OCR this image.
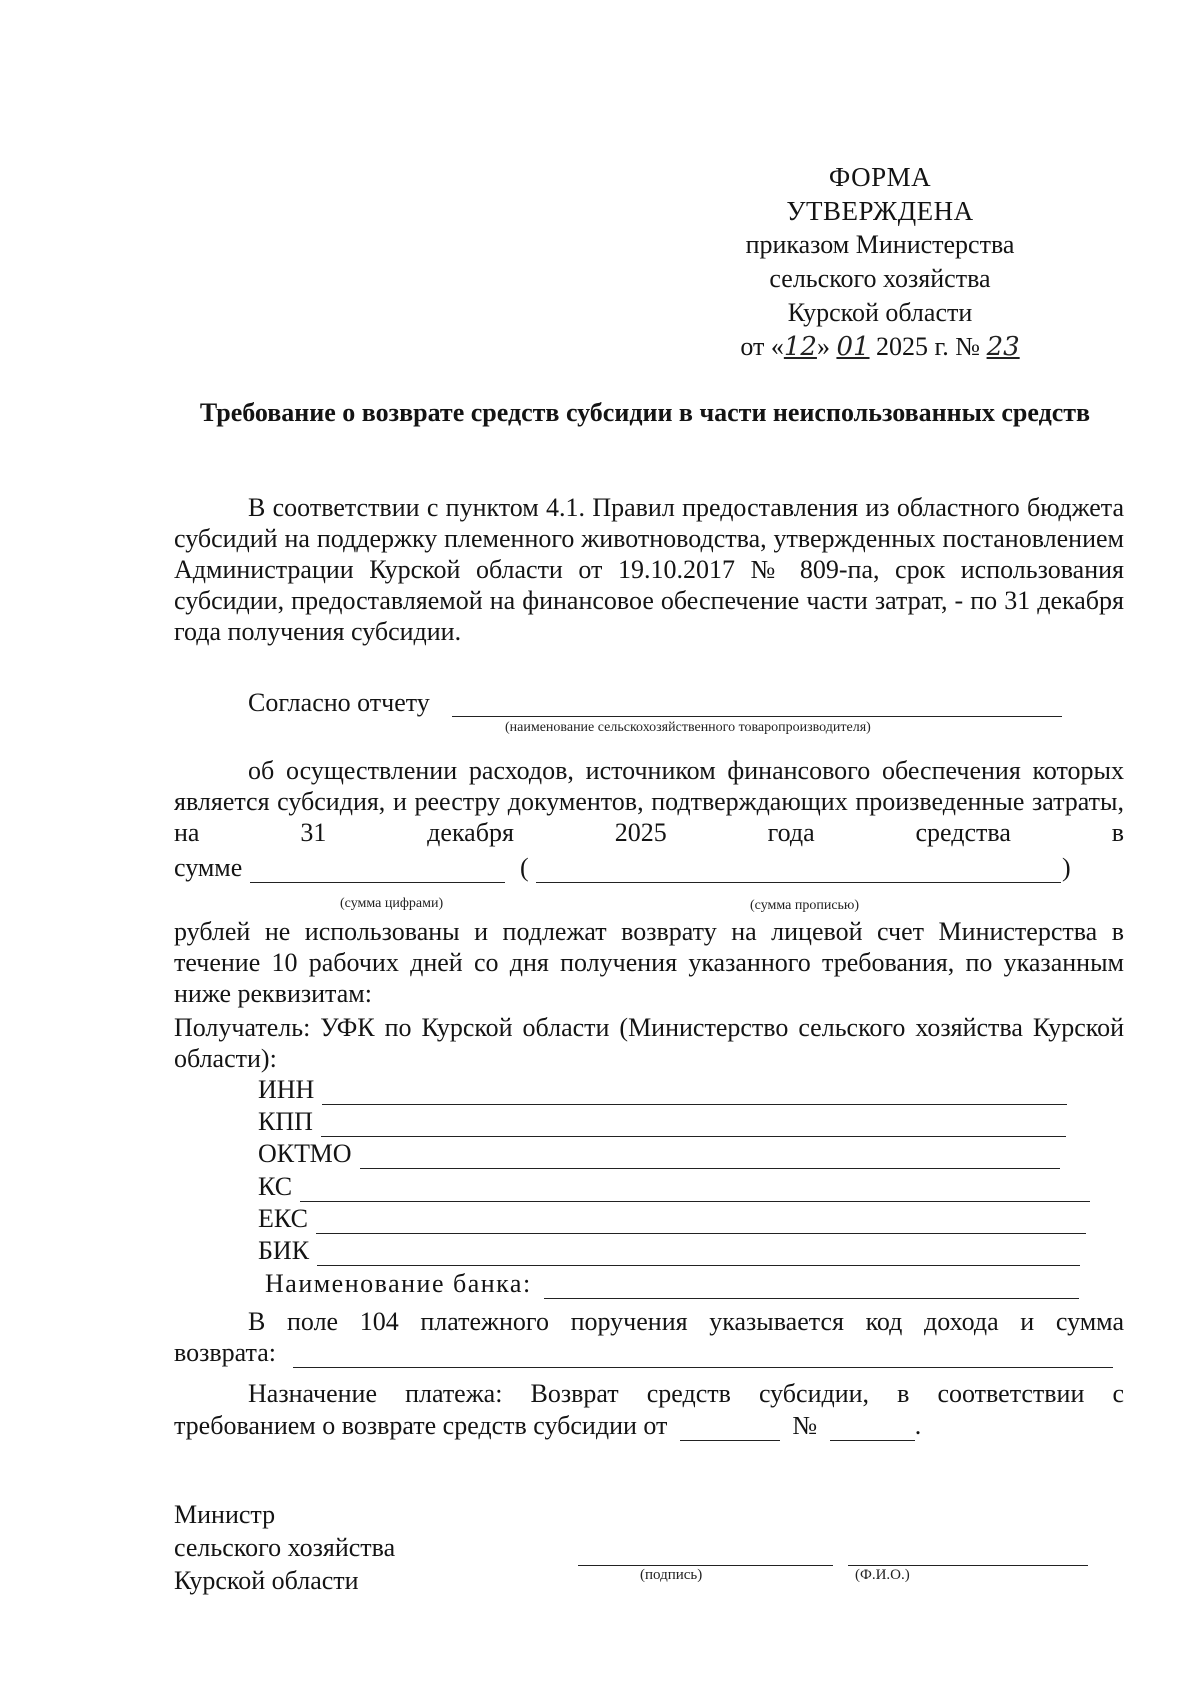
ФОРМА
УТВЕРЖДЕНА
приказом Министерства
сельского хозяйства
Курской области
от «12» 01 2025 г. № 23
Требование о возврате средств субсидии в части неиспользованных средств
В соответствии с пунктом 4.1. Правил предоставления из областного бюджета субсидий на поддержку племенного животноводства, утвержденных постановлением Администрации Курской области от 19.10.2017 № 809-па, срок использования субсидии, предоставляемой на финансовое обеспечение части затрат, - по 31 декабря года получения субсидии.
Согласно отчету
(наименование сельскохозяйственного товаропроизводителя)
об осуществлении расходов, источником финансового обеспечения которых является субсидия, и реестру документов, подтверждающих произведенные затраты, на 31 декабря 2025 года средства в
сумме	(	)
(сумма цифрами)	(сумма прописью)
рублей не использованы и подлежат возврату на лицевой счет Министерства в течение 10 рабочих дней со дня получения указанного требования, по указанным ниже реквизитам:
Получатель: УФК по Курской области (Министерство сельского хозяйства Курской области):
ИНН
КПП
ОКТМО
КС
ЕКС
БИК
Наименование банка:
В поле 104 платежного поручения указывается код дохода и сумма
возврата:
Назначение платежа: Возврат средств субсидии, в соответствии с
требованием о возврате средств субсидии от	№	.
Министр
сельского хозяйства
Курской области	(подпись)	(Ф.И.О.)
